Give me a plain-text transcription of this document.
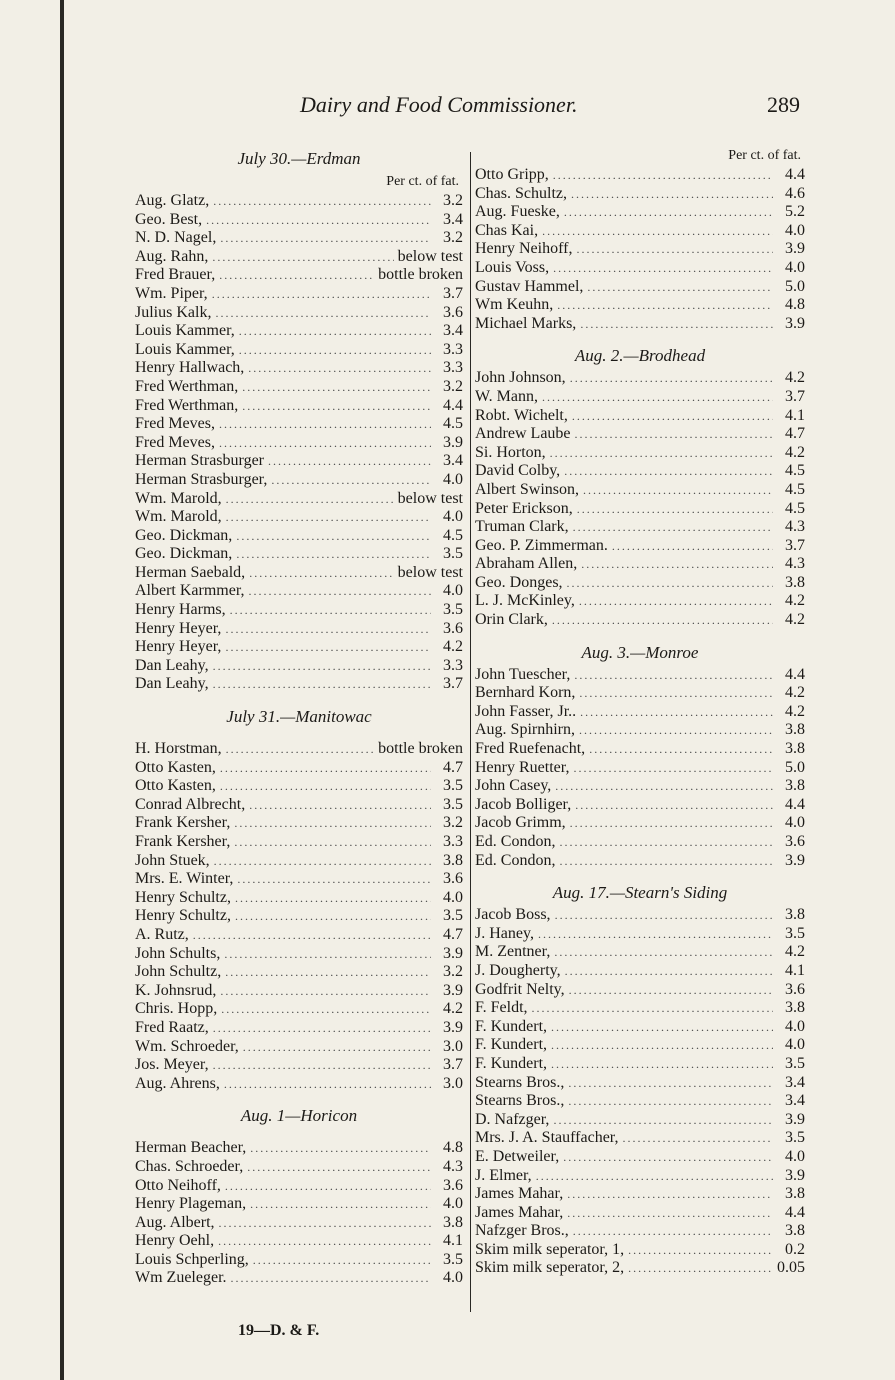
Dairy and Food Commissioner.	289
July 30.—Erdman
Per ct. of fat.
Aug. Glatz, .....	3.2
Geo. Best, .....	3.4
N. D. Nagel, .....	3.2
Aug. Rahn, .....	below test
Fred Brauer, .....	bottle broken
Wm. Piper, .....	3.7
Julius Kalk, .....	3.6
Louis Kammer, .....	3.4
Louis Kammer, .....	3.3
Henry Hallwach, .....	3.3
Fred Werthman, .....	3.2
Fred Werthman, .....	4.4
Fred Meves, .....	4.5
Fred Meves, .....	3.9
Herman Strasburger .....	3.4
Herman Strasburger, .....	4.0
Wm. Marold, .....	below test
Wm. Marold, .....	4.0
Geo. Dickman, .....	4.5
Geo. Dickman, .....	3.5
Herman Saebald, .....	below test
Albert Karmmer, .....	4.0
Henry Harms, .....	3.5
Henry Heyer, .....	3.6
Henry Heyer, .....	4.2
Dan Leahy, .....	3.3
Dan Leahy, .....	3.7
July 31.—Manitowac
H. Horstman, .....	bottle broken
Otto Kasten, .....	4.7
Otto Kasten, .....	3.5
Conrad Albrecht, .....	3.5
Frank Kersher, .....	3.2
Frank Kersher, .....	3.3
John Stuek, .....	3.8
Mrs. E. Winter, .....	3.6
Henry Schultz, .....	4.0
Henry Schultz, .....	3.5
A. Rutz, .....	4.7
John Schults, .....	3.9
John Schultz, .....	3.2
K. Johnsrud, .....	3.9
Chris. Hopp, .....	4.2
Fred Raatz, .....	3.9
Wm. Schroeder, .....	3.0
Jos. Meyer, .....	3.7
Aug. Ahrens, .....	3.0
Aug. 1—Horicon
Herman Beacher, .....	4.8
Chas. Schroeder, .....	4.3
Otto Neihoff, .....	3.6
Henry Plageman, .....	4.0
Aug. Albert, .....	3.8
Henry Oehl, .....	4.1
Louis Schperling, .....	3.5
Wm Zueleger. .....	4.0
Per ct. of fat.
Otto Gripp, .....	4.4
Chas. Schultz, .....	4.6
Aug. Fueske, .....	5.2
Chas Kai, .....	4.0
Henry Neihoff, .....	3.9
Louis Voss, .....	4.0
Gustav Hammel, .....	5.0
Wm Keuhn, .....	4.8
Michael Marks, .....	3.9
Aug. 2.—Brodhead
John Johnson, .....	4.2
W. Mann, .....	3.7
Robt. Wichelt, .....	4.1
Andrew Laube .....	4.7
Si. Horton, .....	4.2
David Colby, .....	4.5
Albert Swinson, .....	4.5
Peter Erickson, .....	4.5
Truman Clark, .....	4.3
Geo. P. Zimmerman. .....	3.7
Abraham Allen, .....	4.3
Geo. Donges, .....	3.8
L. J. McKinley, .....	4.2
Orin Clark, .....	4.2
Aug. 3.—Monroe
John Tuescher, .....	4.4
Bernhard Korn, .....	4.2
John Fasser, Jr.. .....	4.2
Aug. Spirnhirn, .....	3.8
Fred Ruefenacht, .....	3.8
Henry Ruetter, .....	5.0
John Casey, .....	3.8
Jacob Bolliger, .....	4.4
Jacob Grimm, .....	4.0
Ed. Condon, .....	3.6
Ed. Condon, .....	3.9
Aug. 17.—Stearn's Siding
Jacob Boss, .....	3.8
J. Haney, .....	3.5
M. Zentner, .....	4.2
J. Dougherty, .....	4.1
Godfrit Nelty, .....	3.6
F. Feldt, .....	3.8
F. Kundert, .....	4.0
F. Kundert, .....	4.0
F. Kundert, .....	3.5
Stearns Bros., .....	3.4
Stearns Bros., .....	3.4
D. Nafzger, .....	3.9
Mrs. J. A. Stauffacher, .....	3.5
E. Detweiler, .....	4.0
J. Elmer, .....	3.9
James Mahar, .....	3.8
James Mahar, .....	4.4
Nafzger Bros., .....	3.8
Skim milk seperator, 1, .....	0.2
Skim milk seperator, 2, .....	0.05
19—D. & F.
